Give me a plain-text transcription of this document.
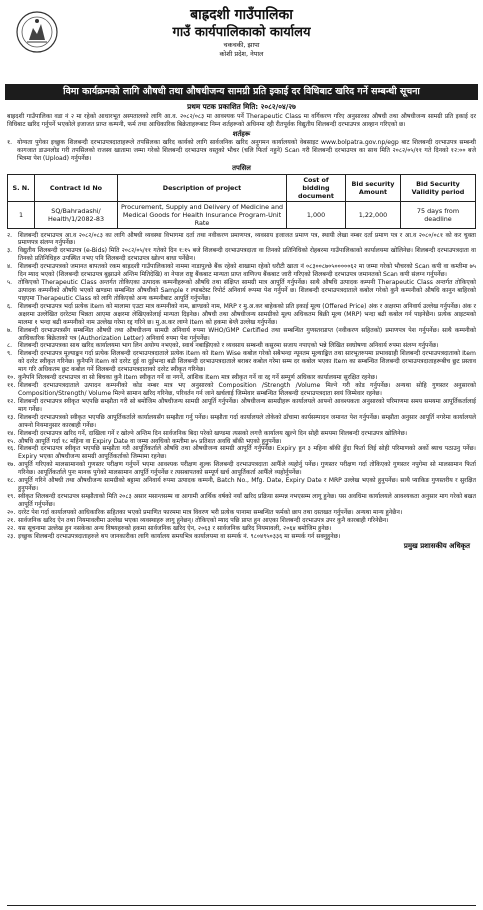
बाह्रदशी गाउँपालिका
गाउँ कार्यपालिकाको कार्यालय
चकचकी, झापा
कोशी प्रदेश, नेपाल
विमा कार्यक्रमको लागि औषधी तथा औषधीजन्य सामग्री प्रति इकाई दर विधिबाट खरिद गर्ने सम्बन्धी सूचना
प्रथम पटक प्रकाशित मिति: २०८२/०४/२७
बाह्रदशी गाउँपालिका वडा नं २ मा रहेको आधारभूत अस्पतालको लागि आ.व. २०८२/०८३ मा आवश्यक पर्ने Therapeutic Class मा वर्गिकरण गरिए अनुसारका औषधी तथा औषधीजन्य सामग्री प्रति इकाई दर विधिबाट खरिद गर्नुपर्ने भएकोले इजाजत प्राप्त कम्पनी, फर्म तथा आधिकारिक बिक्रेताहरूबाट निम्न शर्तहरूको अधिनमा रही रीतपूर्वक विद्युतीय शिलबन्दी दरभाउपत्र आव्हान गरिएको छ।
शर्तहरू
१. योग्यता पुगेका इच्छुक शिलबन्दी दरभाउपत्रदाताहरूले तपसिलका खरिद कार्यको लागि सार्वजनिक खरिद अनुगमन कार्यालयको वेबसाइट www.bolpatra.gov.np/egp बाट शिलबन्दी दरभाउपत्र सम्बन्धी कागजात डाउनलोड गरी तपसिलको राजस्व खातामा जम्मा गरेको शिलबन्दी दरभाउपत्र वस्तुको भौचर (चलि फिर्ता नहुने) Scan गरी शिलबन्दी दरभाउपत्र का साथ मिति २०८२/०५/११ गते दिनको १२:०० बजे भित्रमा पेश (Upload) गर्नुपर्नेछ।
तपसिल
S. N.	Contract Id No	Description of project	Cost of bidding document	Bid security Amount	Bid Security Validity period
1	SQ/Bahradashi/ Health/1/2082-83	Procurement, Supply and Delivery of Medicine and Medical Goods for Health Insurance Program-Unit Rate	1,000	1,22,000	75 days from deadline
२. शिलबन्दी दरभाउपत्र आ.व २०८२/०८३ का लागि औषधी व्यवस्था विभागमा दर्ता तथा नवीकरण प्रमाणपत्र, व्यवसाय इजाजत प्रमाण पत्र, स्थायी लेखा नम्बर दर्ता प्रमाण पत्र र आ.व २०८०/०८१ को कर चुक्ता प्रमाणपत्र संलग्न गर्नुपर्नेछ।
३. विद्युतीय शिलबन्दी दरभाउपत्र (e-Bids) मिति २०८२/०५/११ गतेको दिन १:१५ बजे शिलबन्दी दरभाउपत्रदाता वा तिनको प्रतिनिधिको रोहबरमा गाउँपालिकाको कार्यालयमा खोलिनेछ। शिलबन्दी दरभाउपत्रदाता वा तिनको प्रतिनिधिहरु उपस्थित नभए पनि शिलबन्दी दरभाउपत्र खोल्न बाधा पर्नेछैन।
४. शिलबन्दी दरभाउपत्रको जमानत बापतको रकम बाह्रदशी गाउँपालिकाको नाममा नाडापुल्छे बैंक रहेको शाखामा रहेको धरौटी खाता नं ०८३००८७०५०००००६२ मा जम्मा गरेको भौचरको Scan कपी वा कम्तीमा ७५ दिन म्याद भएको (शिलबन्दी दरभाउपत्र बुझाउने अन्तिम मितिदेखि) वा नेपाल राष्ट्र बैंकबाट मान्यता प्राप्त वाणिज्य बैंकबाट जारी गरिएको शिलबन्दी दरभाउपत्र जमानतको Scan कपी संलग्न गर्नुपर्नेछ।
५. तोकिएको Therapeutic Class अन्तर्गत तोकिएका उत्पादक कम्पनीहरूको औषधि तथा संक्षिप्त सामग्री मात्र आपूर्ति गर्नुपर्नेछ। साथै औषधि उत्पादक कम्पनी Therapeutic Class अन्तर्गत तोकिएको उत्पादक कम्पनीको औषधि भएको खण्डमा सम्बन्धित औषधीको Sample र ल्याबटेस्ट रिपोर्ट अनिवार्य रूपमा पेश गर्नुपर्ने छ। शिलबन्दी दरभाउपत्रदाताले कबोल गरेको कुनै कम्पनीको औषधि कानुन बाहिरको पाइएमा Therapeutic Class को लागि तोकिएको अन्य कम्पनीबाट आपूर्ति गर्नुपर्नेछ।
६. शिलबन्दी दरभाउपत्र भर्दा प्रत्येक Item को मालामा एउटा मात्र कम्पनीको नाम, ब्राण्डको नाम, MRP र मु.अ.कर बाहेकको प्रति इकाई मूल्य (Offered Price) अंक र अक्षरमा अनिवार्य उल्लेख गर्नुपर्नेछ। अंक र अक्षरमा उल्लेखित दररेटमा भिन्नता आएमा अक्षरमा लेखिएकोलाई मान्यता दिइनेछ। औषधी तथा औषधीजन्य सामग्रीको मूल्य अधिकतम बिक्री मूल्य (MRP) भन्दा बढी कबोल गर्न पाइनेछैन। प्रत्येक आइटमको मालमा १ भन्दा बढी कम्पनीको नाम उल्लेख गरेमा रद्द गरिने छ। मु.अ.कर लाग्ने Item को हकमा बेग्लै उल्लेख गर्नुपर्नेछ।
७. शिलबन्दी दरभाउपत्रसँग सम्बन्धित औषधी तथा औषधीजन्य सामग्री अनिवार्य रुपमा WHO/GMP Certified तथा सम्बन्धित गुणस्तरप्राप्त (नवीकरण सहितको) प्रमाणपत्र पेश गर्नुपर्नेछ। साथै कम्पनीको आधिकारिक बिक्रेताको पत्र (Authorization Letter) अनिवार्य रुपमा पेश गर्नुपर्नेछ।
८. शिलबन्दी दरभाउपत्रका साथ खरिद कार्यालयमा भाग लिन अयोग्य नभएको, स्वार्थ नबाझिएको र व्यवसाय सम्बन्धी कसुरमा सजाय नपाएको भन्ने लिखित स्वघोषणा अनिवार्य रुपमा संलग्न गर्नुपर्नेछ।
९. शिलबन्दी दरभाउपत्र मूल्याङ्कन गर्दा प्रत्येक शिलबन्दी दरभाउपत्रदाताले प्रत्येक Item को Item Wise कबोल गरेको सबैभन्दा न्यूनतम मूल्याङ्कित तथा सारभूतरुपमा प्रभावग्राही शिलबन्दी दरभाउपत्रदाताको Item को दररेट स्वीकृत गरिनेछ। कुनैपनि Item को दररेट दुई वा दुईभन्दा बढी शिलबन्दी दरभाउपत्रदाताले बराबर कबोल गरेमा सम्म दर कबोल भएका Item का सम्बन्धित शिलबन्दी दरभाउपत्रदाताहरूबीच छुट प्रस्ताव माग गरि अधिकतम छुट कबोल गर्ने शिलबन्दी दरभाउपत्रदाताको दररेट स्वीकृत गरिनेछ।
१०. कुनैपनि शिलबन्दी दरभाउपत्र वा सो बिचका कुनै Item स्वीकृत गर्ने वा नगर्ने, आंशिक Item मात्र स्वीकृत गर्ने वा रद्द गर्ने सम्पूर्ण अधिकार कार्यालयमा सुरक्षित रहनेछ।
११. शिलबन्दी दरभाउपत्रदाताले उत्पादन कम्पनीको कोड नम्बर मात्र भए अनुसारको Composition /Strength /Volume मिल्ने गरी कोड गर्नुपर्नेछ। अन्यथा सोहि गुणस्तर अनुसारको Composition/Strength/ Volume मिल्ने सामान खरिद गरिनेछ, परिवर्तन गर्न जाने खर्चलाई जिम्मेवार सम्बन्धित शिलबन्दी दरभाउपत्रदाता स्वयं जिम्मेवार रहनेछ।
१२. शिलबन्दी दरभाउपत्र स्वीकृत भएपछि सम्झौता गरी सो बमोजिम औषधीजन्य सामग्री आपूर्ति गर्नुपर्नेछ। औषधीजन्य सामग्रीहरू कार्यालयले आफ्नो आवश्यकता अनुसारको परिमाणमा समय समयमा आपूर्तिकर्तालाई माग गर्नेछ।
१३. शिलबन्दी दरभाउपत्रको स्वीकृत भएपछि आपूर्तिकर्ताले कार्यालयसँग सम्झौता गर्नु पर्नेछ। सम्झौता गर्दा कार्यालयले तोकेको ढाँचामा कार्यसम्पादन जमानत पेश गर्नुपर्नेछ। सम्झौता अनुसार आपूर्ति नगरेमा कार्यालयले आफ्नो नियमानुसार कारबाही गर्नेछ।
१४. शिलबन्दी दरभाउपत्र खरिद गर्ने, दाखिला गर्ने र खोल्ने अन्तिम दिन सार्वजनिक बिदा परेको खण्डमा त्यसको लगत्तै कार्यालय खुल्ने दिन सोही समयमा शिलबन्दी दरभाउपत्र खोलिनेछ।
१५. औषधि आपूर्ति गर्दा १८ महिना वा Expiry Date वा जम्मा अवधिको कम्तीमा ७५ प्रतिशत अवधि बाँकी भएको हुनुपर्नेछ।
१६. शिलबन्दी दरभाउपत्र स्वीकृत भएपछि सम्झौता गरी आपूर्तिकर्ताले औषधि तथा औषधीजन्य सामग्री आपूर्ति गर्नुपर्नेछ। Expiry हुन ३ महिना बाँकी हुँदा फिर्ता लिई सोही परिमाणको अर्को ब्याच पठाउनु पर्नेछ। Expiry भएका औषधीजन्य सामग्री आपूर्तिकर्ताको जिम्मामा रहनेछ।
१७. आपूर्ति गरिएको मालसामानको गुणस्तर परीक्षण गर्नुपर्ने भएमा आवश्यक परीक्षण शुल्क शिलबन्दी दरभाउपत्रदाता आफैँले व्यहोर्नु पर्नेछ। गुणस्तर परीक्षण गर्दा तोकिएको गुणस्तर नपुगेमा सो मालसामान फिर्ता गरिनेछ। आपूर्तिकर्ताले पुनः मानक पुगेको मालसामान आपूर्ति गर्नुपर्नेछ र त्यसबापतको सम्पूर्ण खर्च आपूर्तिकर्ता आफैँले व्यहोर्नुपर्नेछ।
१८. आपूर्ति गरिने औषधी तथा औषधीजन्य सामग्रीको बट्टामा अनिवार्य रुपमा उत्पादक कम्पनी, Batch No., Mfg. Date, Expiry Date र MRP उल्लेख भएको हुनुपर्नेछ। साथै प्याकिङ गुणस्तरीय र सुरक्षित हुनुपर्नेछ।
१९. स्वीकृत शिलबन्दी दरभाउपत्र सम्झौताको मिति २०८३ असार मसान्तसम्म वा आगामी आर्थिक वर्षको नयाँ खरिद प्रक्रिया सम्पन्न नभएसम्म लागू हुनेछ। यस अवधिमा कार्यालयले आवश्यकता अनुसार माग गरेको बखत आपूर्ति गर्नुपर्नेछ।
२०. दररेट पेश गर्दा कार्यालयको आधिकारिक सहितका भएको प्रमाणित फारममा मात्र विवरण भरी प्रत्येक पानामा सम्बन्धित फर्मको छाप तथा दस्तखत गर्नुपर्नेछ। अन्यथा मान्य हुनेछैन।
२१. सार्वजनिक खरिद ऐन तथा नियमावलीमा उल्लेख भएका व्यवस्थाहरु लागू हुनेछन्। तोकिएको म्याद पछि प्राप्त हुन आएका शिलबन्दी दरभाउपत्र उपर कुनै कारबाही गरिनेछैन।
२२. यस सूचनामा उल्लेख हुन नसकेका अन्य विषयहरुको हकमा सार्वजनिक खरिद ऐन, २०६३ र सार्वजनिक खरिद नियमावली, २०६४ बमोजिम हुनेछ।
२३. इच्छुक शिलबन्दी दरभाउपत्रदाताहरुले थप जानकारीका लागि कार्यालय समयभित्र कार्यालयमा वा सम्पर्क नं. ९८०४९५०३३६ मा सम्पर्क गर्न सक्नुहुनेछ।
प्रमुख प्रशासकीय अधिकृत
